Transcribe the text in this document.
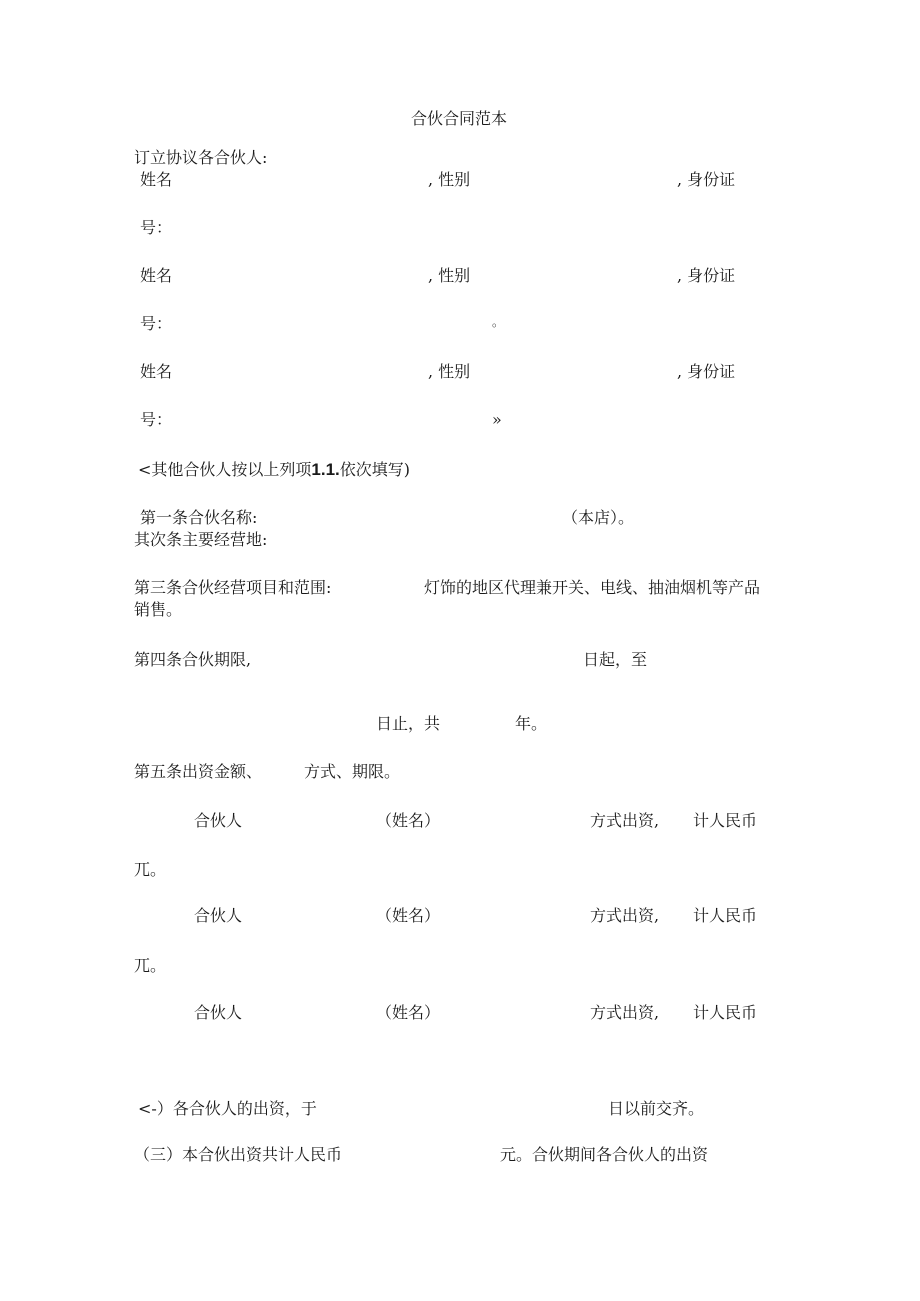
合伙合同范本
订立协议各合伙人:
姓名	, 性别	, 身份证
号：
姓名	, 性别	, 身份证
号：	。
姓名	, 性别	, 身份证
号：	»
<其他合伙人按以上列项1.1.依次填写)
第一条合伙名称:	（本店）。
其次条主要经营地:
第三条合伙经营项目和范围:	灯饰的地区代理兼开关、电线、抽油烟机等产品
销售。
第四条合伙期限,	日起，至
日止，共	年。
第五条出资金额、	方式、期限。
合伙人	（姓名）	方式出资, 计人民币
兀。
合伙人	（姓名）	方式出资, 计人民币
兀。
合伙人	（姓名）	方式出资, 计人民币
<-）各合伙人的出资，于	日以前交齐。
（三）本合伙出资共计人民币	元。合伙期间各合伙人的出资
